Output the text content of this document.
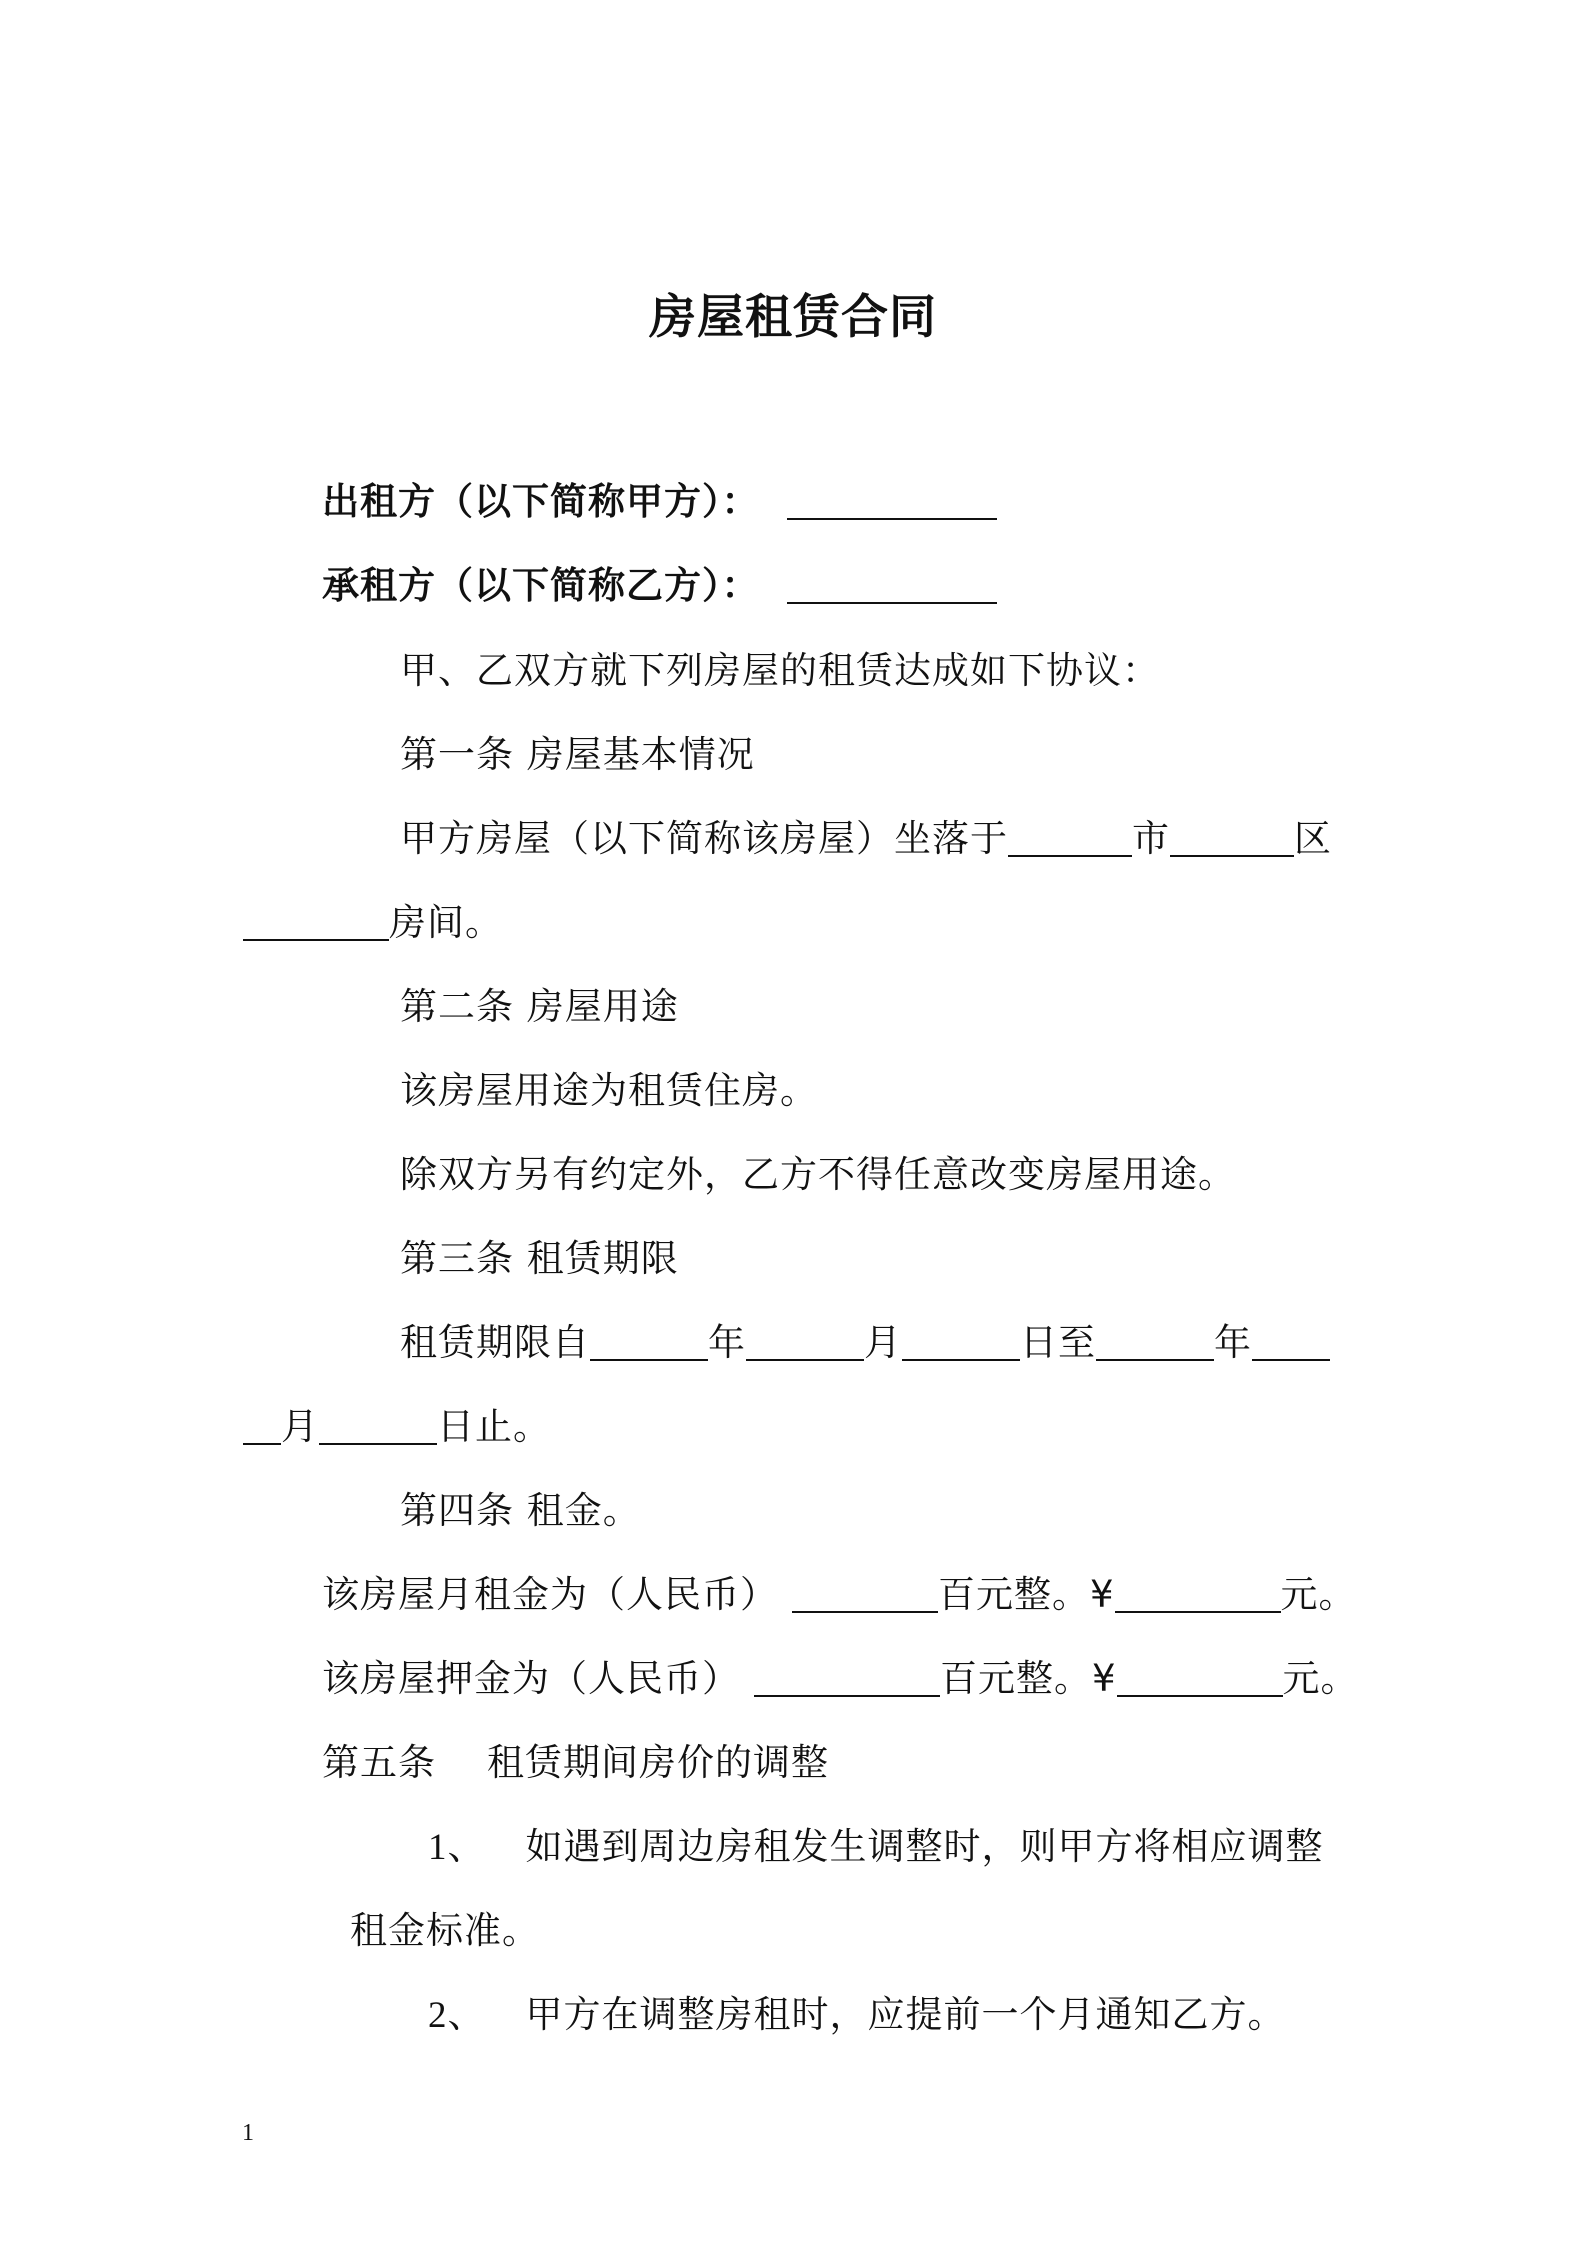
房屋租赁合同
出租方（以下简称甲方）：
承租方（以下简称乙方）：
甲、乙双方就下列房屋的租赁达成如下协议：
第一条 房屋基本情况
甲方房屋（以下简称该房屋）坐落于	市	区
房间。
第二条 房屋用途
该房屋用途为租赁住房。
除双方另有约定外，乙方不得任意改变房屋用途。
第三条 租赁期限
租赁期限自	年	月	日至	年
月	日止。
第四条 租金。
该房屋月租金为（人民币）	百元整。¥	元。
该房屋押金为（人民币）	百元整。¥	元。
第五条    租赁期间房价的调整
1、 如遇到周边房租发生调整时，则甲方将相应调整
租金标准。
2、 甲方在调整房租时，应提前一个月通知乙方。
1
